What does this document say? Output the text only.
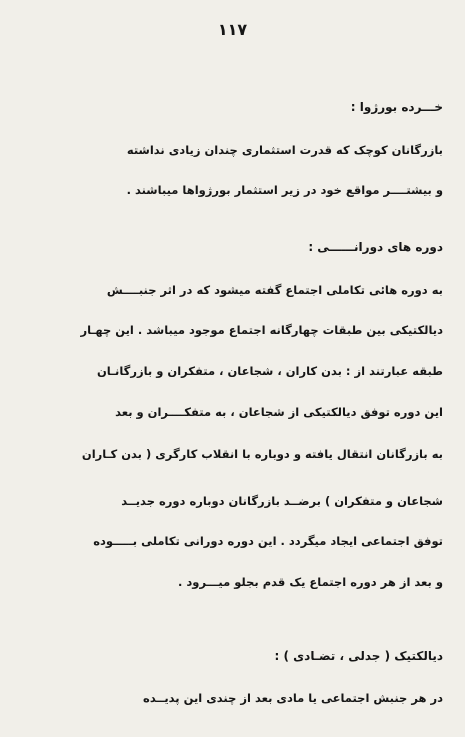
۱۱۷
خـــرده بورژوا :
بازرگانان کوچک که قدرت استثماری چندان زیادی نداشته
و بیشتــــر مواقع خود در زیر استثمار بورژواها میباشند .
دوره های دورانــــــی :
به دوره هائی تکاملی اجتماع گفته میشود که در اثر جنبــــش
دیالکتیکی بین طبقات چهارگانه اجتماع موجود میباشد . این چهـار
طبقه عبارتند از : بدن کاران ، شجاعان ، متفکران و بازرگانـان
این دوره توفق دیالکتیکی از شجاعان ، به متفکــــران و بعد
به بازرگانان انتقال یافته و دوباره با انقلاب کارگری ( بدن کـاران
شجاعان و متفکران ) برضــد بازرگانان دوباره دوره جدیــد
توفق اجتماعی ایجاد میگردد . این دوره دورانی تکاملی بـــــوده
و بعد از هر دوره اجتماع یک قدم بجلو میـــرود .
دیالکتیک ( جدلی ، تضـادی ) :
در هر جنبش اجتماعی یا مادی بعد از چندی این پدیــده
